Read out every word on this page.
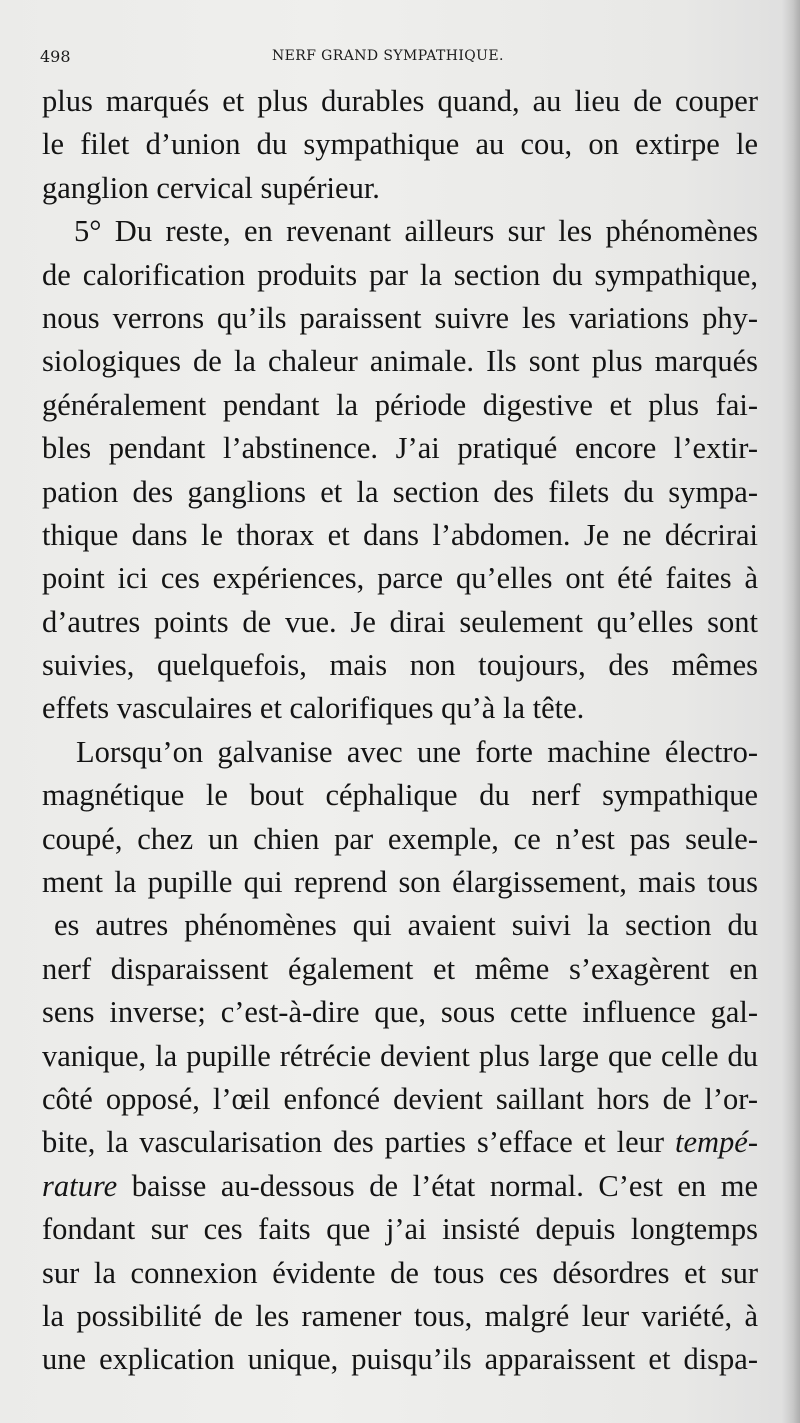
498	NERF GRAND SYMPATHIQUE.
plus marqués et plus durables quand, au lieu de couper
le filet d’union du sympathique au cou, on extirpe le
ganglion cervical supérieur.
5° Du reste, en revenant ailleurs sur les phénomènes
de calorification produits par la section du sympathique,
nous verrons qu’ils paraissent suivre les variations phy-
siologiques de la chaleur animale. Ils sont plus marqués
généralement pendant la période digestive et plus fai-
bles pendant l’abstinence. J’ai pratiqué encore l’extir-
pation des ganglions et la section des filets du sympa-
thique dans le thorax et dans l’abdomen. Je ne décrirai
point ici ces expériences, parce qu’elles ont été faites à
d’autres points de vue. Je dirai seulement qu’elles sont
suivies, quelquefois, mais non toujours, des mêmes
effets vasculaires et calorifiques qu’à la tête.
Lorsqu’on galvanise avec une forte machine électro-
magnétique le bout céphalique du nerf sympathique
coupé, chez un chien par exemple, ce n’est pas seule-
ment la pupille qui reprend son élargissement, mais tous
es autres phénomènes qui avaient suivi la section du
nerf disparaissent également et même s’exagèrent en
sens inverse; c’est-à-dire que, sous cette influence gal-
vanique, la pupille rétrécie devient plus large que celle du
côté opposé, l’œil enfoncé devient saillant hors de l’or-
bite, la vascularisation des parties s’efface et leur tempé-
rature baisse au-dessous de l’état normal. C’est en me
fondant sur ces faits que j’ai insisté depuis longtemps
sur la connexion évidente de tous ces désordres et sur
la possibilité de les ramener tous, malgré leur variété, à
une explication unique, puisqu’ils apparaissent et dispa-
